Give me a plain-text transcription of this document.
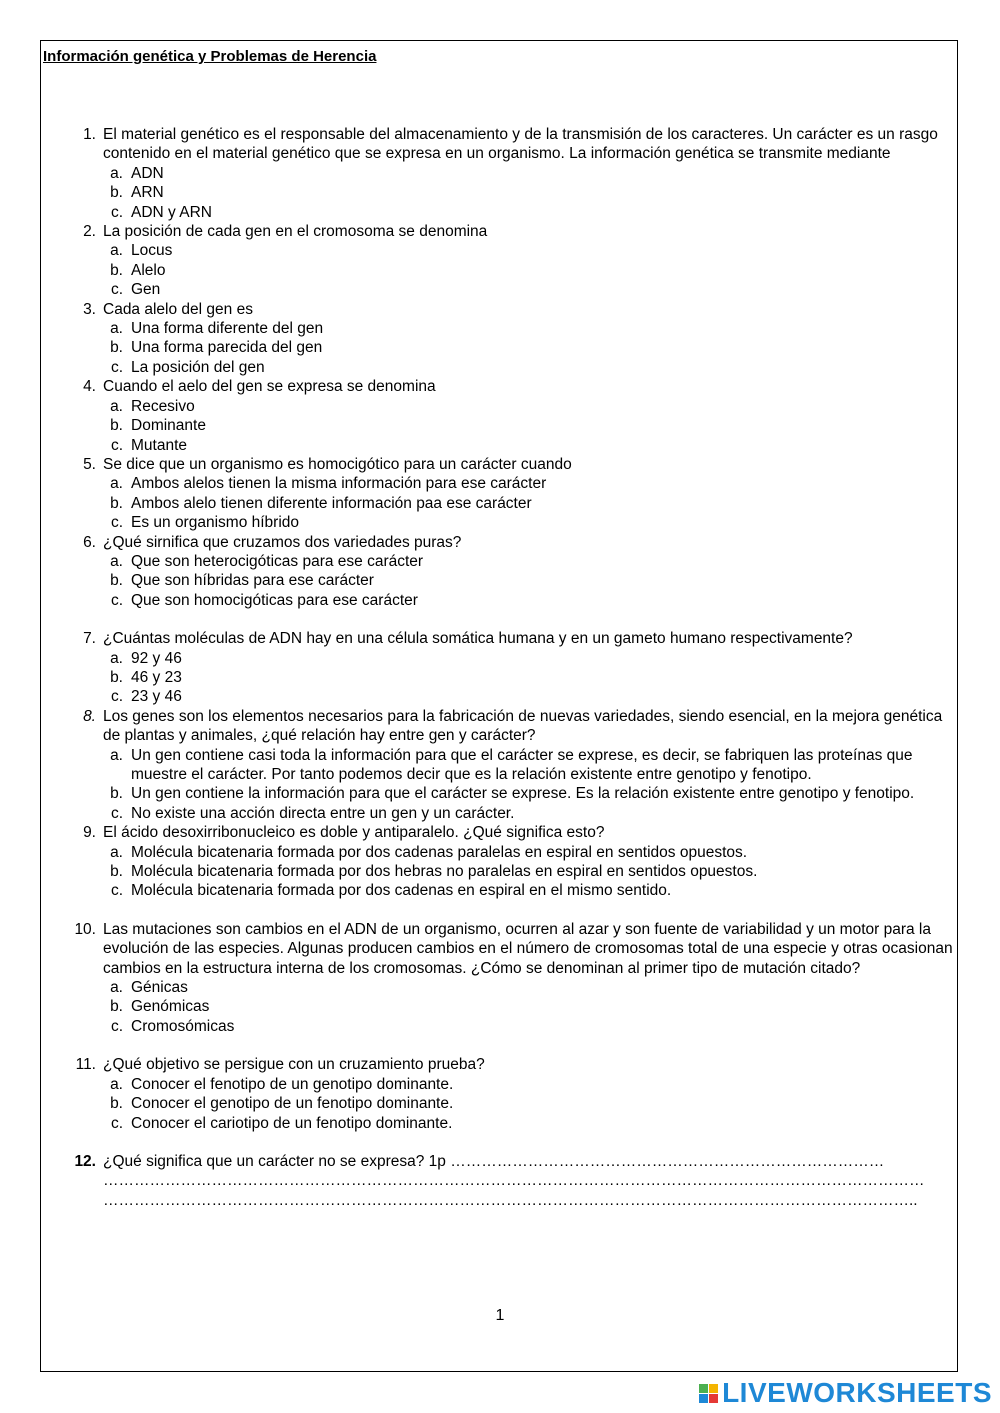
Información genética y Problemas de Herencia
1. El material genético es el responsable del almacenamiento y de la transmisión de los caracteres. Un carácter es un rasgo contenido en el material genético que se expresa en un organismo. La información genética se transmite mediante
a. ADN
b. ARN
c. ADN y ARN
2. La posición de cada gen en el cromosoma se denomina
a. Locus
b. Alelo
c. Gen
3. Cada alelo del gen es
a. Una forma diferente del gen
b. Una forma parecida del gen
c. La posición del gen
4. Cuando el aelo del gen se expresa se denomina
a. Recesivo
b. Dominante
c. Mutante
5. Se dice que un organismo es homocigótico para un carácter cuando
a. Ambos alelos tienen la misma información para ese carácter
b. Ambos alelo tienen diferente información paa ese carácter
c. Es un organismo híbrido
6. ¿Qué sirnifica que cruzamos dos variedades puras?
a. Que son heterocigóticas para ese carácter
b. Que son híbridas para ese carácter
c. Que son homocigóticas para ese carácter
7. ¿Cuántas moléculas de ADN hay en una célula somática humana y en un gameto humano respectivamente?
a. 92 y 46
b. 46 y 23
c. 23 y 46
8. Los genes son los elementos necesarios para la fabricación de nuevas variedades, siendo esencial, en la mejora genética de plantas y animales, ¿qué relación hay entre gen y carácter?
a. Un gen contiene casi toda la información para que el carácter se exprese, es decir, se fabriquen las proteínas que muestre el carácter. Por tanto podemos decir que es la relación existente entre genotipo y fenotipo.
b. Un gen contiene la información para que el carácter se exprese. Es la relación existente entre genotipo y fenotipo.
c. No existe una acción directa entre un gen y un carácter.
9. El ácido desoxirribonucleico es doble y antiparalelo. ¿Qué significa esto?
a. Molécula bicatenaria formada por dos cadenas paralelas en espiral en sentidos opuestos.
b. Molécula bicatenaria formada por dos hebras no paralelas en espiral en sentidos opuestos.
c. Molécula bicatenaria formada por dos cadenas en espiral en el mismo sentido.
10. Las mutaciones son cambios en el ADN de un organismo, ocurren al azar y son fuente de variabilidad y un motor para la evolución de las especies. Algunas producen cambios en el número de cromosomas total de una especie y otras ocasionan cambios en la estructura interna de los cromosomas. ¿Cómo se denominan al primer tipo de mutación citado?
a. Génicas
b. Genómicas
c. Cromosómicas
11. ¿Qué objetivo se persigue con un cruzamiento prueba?
a. Conocer el fenotipo de un genotipo dominante.
b. Conocer el genotipo de un fenotipo dominante.
c. Conocer el cariotipo de un fenotipo dominante.
12. ¿Qué significa que un carácter no se expresa? 1p …………………………………………………………………………
……………………………………………………………………………………………………………………………………………
…………………………………………………………………………………………………………………………………………..
1
LIVEWORKSHEETS
